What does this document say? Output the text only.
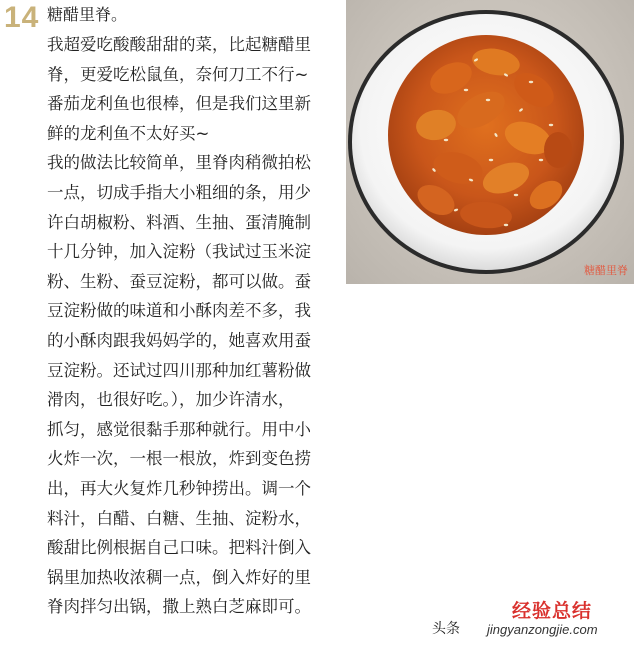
14 糖醋里脊。
我超爱吃酸酸甜甜的菜，比起糖醋里
脊，更爱吃松鼠鱼，奈何刀工不行~
番茄龙利鱼也很棒，但是我们这里新
鲜的龙利鱼不太好买~
我的做法比较简单，里脊肉稍微拍松
一点，切成手指大小粗细的条，用少
许白胡椒粉、料酒、生抽、蛋清腌制
十几分钟，加入淀粉（我试过玉米淀
粉、生粉、蚕豆淀粉，都可以做。蚕
豆淀粉做的味道和小酥肉差不多，我
的小酥肉跟我妈妈学的，她喜欢用蚕
豆淀粉。还试过四川那种加红薯粉做
滑肉，也很好吃。），加少许清水，
抓匀，感觉很黏手那种就行。用中小
火炸一次，一根一根放，炸到变色捞
出，再大火复炸几秒钟捞出。调一个
料汁，白醋、白糖、生抽、淀粉水，
酸甜比例根据自己口味。把料汁倒入
锅里加热收浓稠一点，倒入炸好的里
脊肉拌匀出锅，撒上熟白芝麻即可。
糖醋里脊
头条
经验总结
jingyanzongjie.com
